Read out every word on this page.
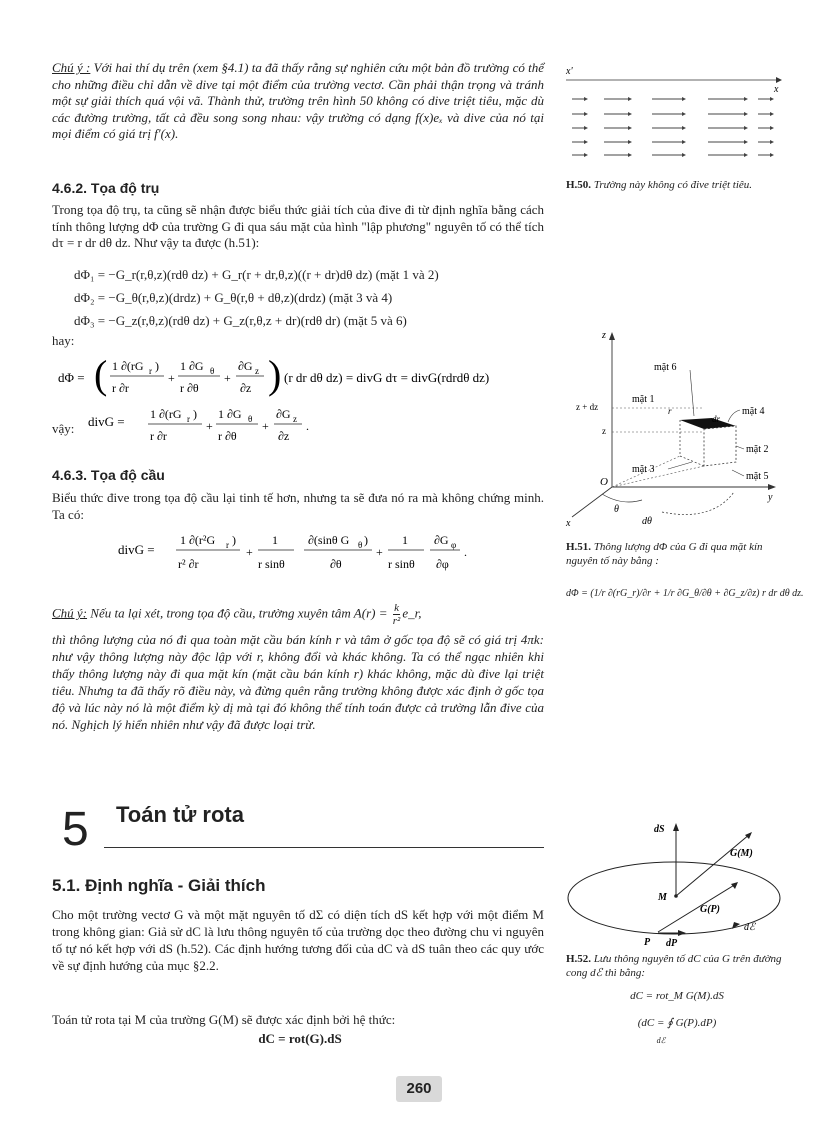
Chú ý : Với hai thí dụ trên (xem §4.1) ta đã thấy rằng sự nghiên cứu một bản đồ trường có thể cho những điều chỉ dẫn về dive tại một điểm của trường vectơ. Cần phải thận trọng và tránh một sự giải thích quá vội vã. Thành thử, trường trên hình 50 không có dive triệt tiêu, mặc dù các đường trường, tất cả đều song song nhau: vậy trường có dạng f(x)eₓ và dive của nó tại mọi điểm có giá trị f′(x).
4.6.2. Tọa độ trụ
Trong tọa độ trụ, ta cũng sẽ nhận được biểu thức giải tích của đive đi từ định nghĩa bằng cách tính thông lượng dΦ của trường G đi qua sáu mặt của hình "lập phương" nguyên tố có thể tích dτ = r dr dθ dz. Như vậy ta được (h.51):
dΦ₁ = −G_r(r,θ,z)(rdθ dz) + G_r(r + dr,θ,z)((r + dr)dθ dz) (mặt 1 và 2)
dΦ₂ = −G_θ(r,θ,z)(drdz) + G_θ(r,θ + dθ,z)(drdz) (mặt 3 và 4)
dΦ₃ = −G_z(r,θ,z)(rdθ dz) + G_z(r,θ,z + dr)(rdθ dr) (mặt 5 và 6)
hay:
dΦ = ( 1 ∂(rG r )
r ∂r
+
1 ∂G θ
r ∂θ
+
∂G z
∂z ) (r dr dθ dz) = divG dτ = divG(rdrdθ dz)
vậy: divG = 1 ∂(rG r )
r ∂r
+
1 ∂G θ
r ∂θ
+
∂G z
∂z
.
4.6.3. Tọa độ cầu
Biểu thức đive trong tọa độ cầu lại tinh tế hơn, nhưng ta sẽ đưa nó ra mà không chứng minh. Ta có:
divG =
1 ∂(r²G r )
r² ∂r
+
1
r sinθ
∂(sinθ G θ )
∂θ
+
1
r sinθ
∂G φ
∂φ
.
Chú ý: Nếu ta lại xét, trong tọa độ cầu, trường xuyên tâm $A(r) = \frac{k}{\text{r²}}$ e_r,
thì thông lượng của nó đi qua toàn mặt cầu bán kính r và tâm ở gốc tọa độ sẽ có giá trị 4πk: như vậy thông lượng này độc lập với r, không đổi và khác không. Ta có thể ngạc nhiên khi thấy thông lượng này đi qua mặt kín (mặt cầu bán kính r) khác không, mặc dù đive lại triệt tiêu. Nhưng ta đã thấy rõ điều này, và đừng quên rằng trường không được xác định ở gốc tọa độ và lúc này nó là một điểm kỳ dị mà tại đó không thể tính toán được cả trường lẫn đive của nó. Nghịch lý hiển nhiên như vậy đã được loại trừ.
5 Toán tử rota
5.1. Định nghĩa - Giải thích
Cho một trường vectơ G và một mặt nguyên tố dΣ có diện tích dS kết hợp với một điểm M trong không gian: Giả sử dC là lưu thông nguyên tố của trường dọc theo đường chu vi nguyên tố tự nó kết hợp với dS (h.52). Các định hướng tương đối của dC và dS tuân theo các quy ước về sự định hướng của mục §2.2.
Toán tử rota tại M của trường G(M) sẽ được xác định bởi hệ thức:
dC = rot(G).dS
260
x'
x
H.50. Trường này không có đive triệt tiêu.
z
y
x
O
z + dz
z
θ
dθ
mặt 6
mặt 1
r
dr
mặt 4
mặt 2
mặt 3
mặt 5
H.51. Thông lượng dΦ của G đi qua mặt kín nguyên tố này bằng :
dΦ = (1/r ∂(rG_r)/∂r + 1/r ∂G_θ/∂θ + ∂G_z/∂z) r dr dθ dz.
dS
G(M)
M
G(P)
P dP
dℰ
H.52. Lưu thông nguyên tố dC của G trên đường cong dℰ thì bằng:
dC = rot_M G(M).dS
(dC = ∮ G(P).dP)
dℰ
